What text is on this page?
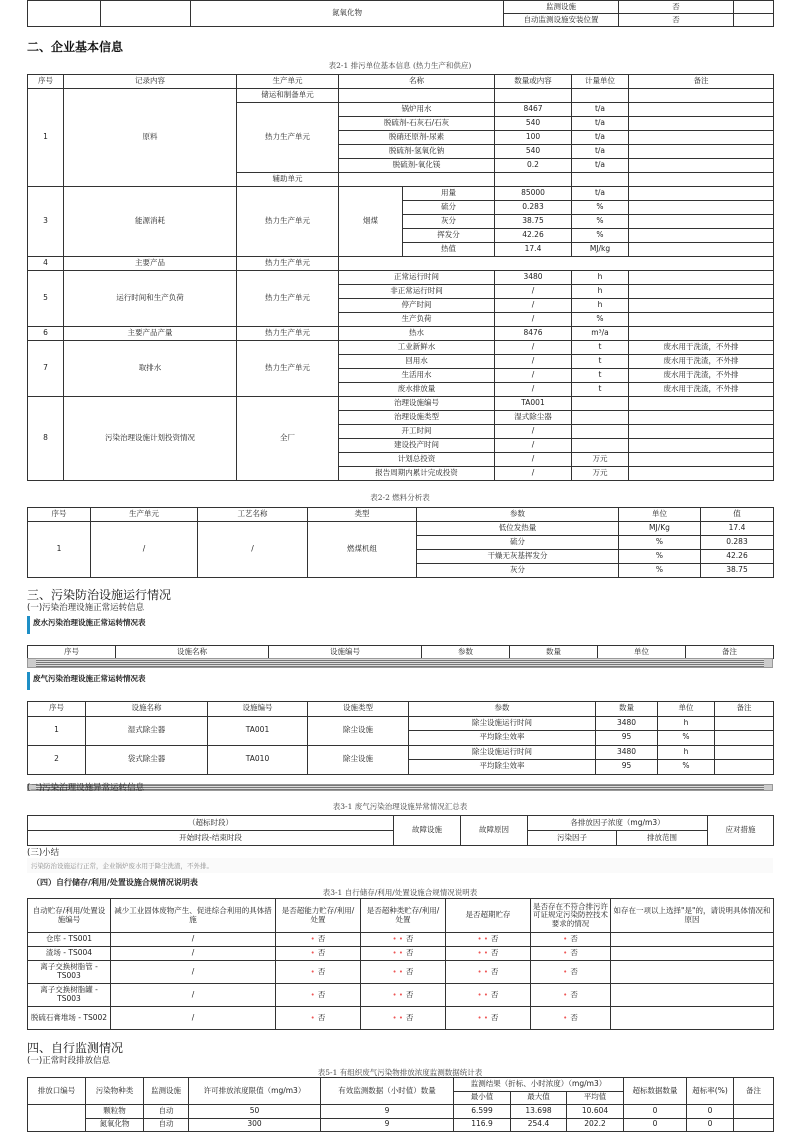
		氮氧化物	监测设施	否	
			自动监测设施安装位置	否	
二、企业基本信息
表2-1 排污单位基本信息 (热力生产和供应)
序号	记录内容	生产单元	名称		数量或内容	计量单位	备注
1	原料	储运和制备单元					
		热力生产单元	锅炉用水		8467	t/a	
			脱硫剂-石灰石/石灰		540	t/a	
			脱硝还原剂-尿素		100	t/a	
			脱硫剂-氢氧化钠		540	t/a	
			脱硫剂-氧化镁		0.2	t/a	
		辅助单元					
3	能源消耗	热力生产单元	烟煤	用量	85000	t/a	
				硫分	0.283	%	
				灰分	38.75	%	
				挥发分	42.26	%	
				热值	17.4	MJ/kg	
4	主要产品	热力生产单元					
5	运行时间和生产负荷	热力生产单元	正常运行时间		3480	h	
			非正常运行时间		/	h	
			停产时间		/	h	
			生产负荷		/	%	
6	主要产品产量	热力生产单元	热水		8476	m³/a	
7	取排水	热力生产单元	工业新鲜水		/	t	废水用于洗渣，不外排
			回用水		/	t	废水用于洗渣，不外排
			生活用水		/	t	废水用于洗渣，不外排
			废水排放量		/	t	废水用于洗渣，不外排
8	污染治理设施计划投资情况	全厂	治理设施编号		TA001		
			治理设施类型		湿式除尘器		
			开工时间		/		
			建设投产时间		/		
			计划总投资		/	万元	
			报告周期内累计完成投资		/	万元	
表2-2 燃料分析表
序号	生产单元	工艺名称	类型	参数	单位	值
1	/	/	燃煤机组	低位发热量	MJ/Kg	17.4
				硫分	%	0.283
				干燥无灰基挥发分	%	42.26
				灰分	%	38.75
三、污染防治设施运行情况
(一)污染治理设施正常运转信息
废水污染治理设施正常运转情况表
序号	设施名称	设施编号	参数	数量	单位	备注
废气污染治理设施正常运转情况表
序号	设施名称	设施编号	设施类型	参数	数量	单位	备注
1	湿式除尘器	TA001	除尘设施	除尘设施运行时间	3480	h	
				平均除尘效率	95	%	
2	袋式除尘器	TA010	除尘设施	除尘设施运行时间	3480	h	
				平均除尘效率	95	%	
(二)污染治理设施异常运转信息
表3-1 废气污染治理设施异常情况汇总表
（超标时段）	故障设施	故障原因	各排放因子浓度（mg/m3）		应对措施
开始时段-结束时段			污染因子	排放范围	
(三)小结
污染防治设施运行正常，企业锅炉废水用于降尘洗渣，不外排。
（四）自行储存/利用/处置设施合规情况说明表
表3-1 自行储存/利用/处置设施合规情况说明表
自动贮存/利用/处置设施编号	减少工业固体废物产生、促进综合利用的具体措施	是否超能力贮存/利用/处置	是否超种类贮存/利用/处置	是否超期贮存	是否存在不符合排污许可证规定污染防控技术要求的情况	如存在一项以上选择"是"的，请说明具体情况和原因
仓库 - TS001	/	• 否	• • 否	• • 否	• 否	
渣场 - TS004	/	• 否	• • 否	• • 否	• 否	
离子交换树脂管 - TS003	/	• 否	• • 否	• • 否	• 否	
离子交换树脂罐 - TS003	/	• 否	• • 否	• • 否	• 否	
脱硫石膏堆场 - TS002	/	• 否	• • 否	• • 否	• 否	
四、自行监测情况
(一)正常时段排放信息
表5-1 有组织废气污染物排放浓度监测数据统计表
排放口编号	污染物种类	监测设施	许可排放浓度限值（mg/m3）	有效监测数据（小时值）数量	监测结果（折标、小时浓度）（mg/m3）			超标数据数量	超标率(%)	备注
					最小值	最大值	平均值			
	颗粒物	自动	50	9	6.599	13.698	10.604	0	0	
	氮氧化物	自动	300	9	116.9	254.4	202.2	0	0	
